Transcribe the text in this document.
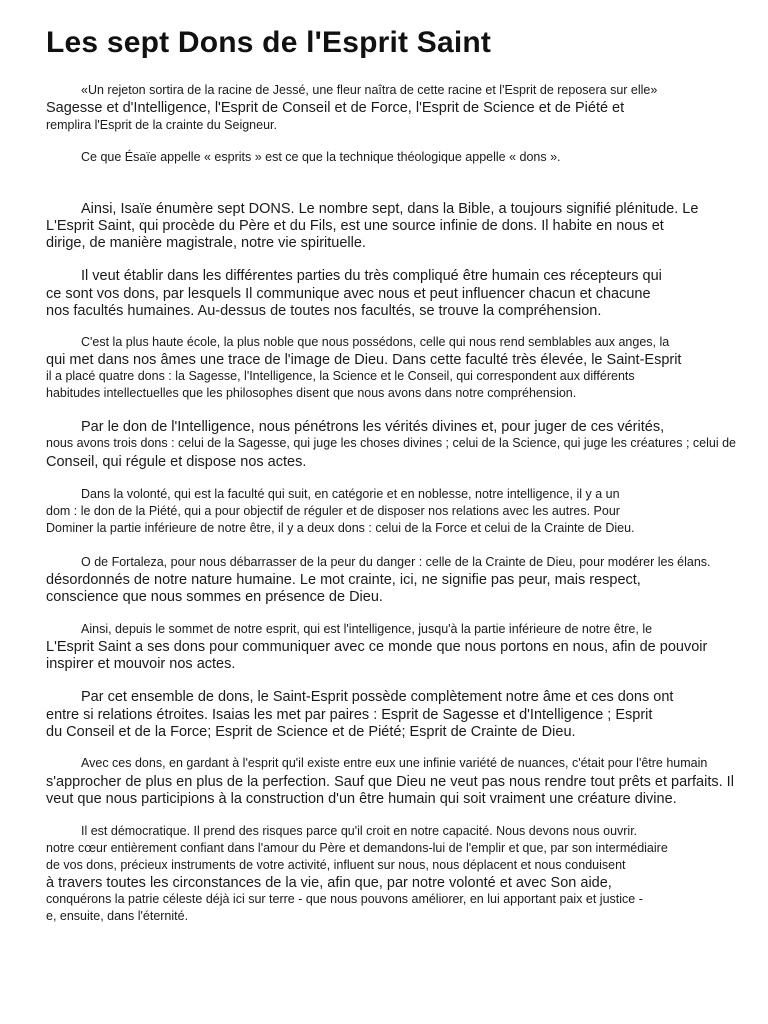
Les sept Dons de l'Esprit Saint
«Un rejeton sortira de la racine de Jessé, une fleur naîtra de cette racine et l'Esprit de reposera sur elle»
Sagesse et d'Intelligence, l'Esprit de Conseil et de Force, l'Esprit de Science et de Piété et
remplira l'Esprit de la crainte du Seigneur.
Ce que Ésaïe appelle « esprits » est ce que la technique théologique appelle « dons ».
Ainsi, Isaïe énumère sept DONS. Le nombre sept, dans la Bible, a toujours signifié plénitude. Le
L'Esprit Saint, qui procède du Père et du Fils, est une source infinie de dons. Il habite en nous et
dirige, de manière magistrale, notre vie spirituelle.
Il veut établir dans les différentes parties du très compliqué être humain ces récepteurs qui
ce sont vos dons, par lesquels Il communique avec nous et peut influencer chacun et chacune
nos facultés humaines. Au-dessus de toutes nos facultés, se trouve la compréhension.
C'est la plus haute école, la plus noble que nous possédons, celle qui nous rend semblables aux anges, la
qui met dans nos âmes une trace de l'image de Dieu. Dans cette faculté très élevée, le Saint-Esprit
il a placé quatre dons : la Sagesse, l'Intelligence, la Science et le Conseil, qui correspondent aux différents
habitudes intellectuelles que les philosophes disent que nous avons dans notre compréhension.
Par le don de l'Intelligence, nous pénétrons les vérités divines et, pour juger de ces vérités,
nous avons trois dons : celui de la Sagesse, qui juge les choses divines ; celui de la Science, qui juge les créatures ; celui de
Conseil, qui régule et dispose nos actes.
Dans la volonté, qui est la faculté qui suit, en catégorie et en noblesse, notre intelligence, il y a un
dom : le don de la Piété, qui a pour objectif de réguler et de disposer nos relations avec les autres. Pour
Dominer la partie inférieure de notre être, il y a deux dons : celui de la Force et celui de la Crainte de Dieu.
O de Fortaleza, pour nous débarrasser de la peur du danger : celle de la Crainte de Dieu, pour modérer les élans.
désordonnés de notre nature humaine. Le mot crainte, ici, ne signifie pas peur, mais respect,
conscience que nous sommes en présence de Dieu.
Ainsi, depuis le sommet de notre esprit, qui est l'intelligence, jusqu'à la partie inférieure de notre être, le
L'Esprit Saint a ses dons pour communiquer avec ce monde que nous portons en nous, afin de pouvoir
inspirer et mouvoir nos actes.
Par cet ensemble de dons, le Saint-Esprit possède complètement notre âme et ces dons ont
entre si relations étroites. Isaias les met par paires : Esprit de Sagesse et d'Intelligence ; Esprit
du Conseil et de la Force; Esprit de Science et de Piété; Esprit de Crainte de Dieu.
Avec ces dons, en gardant à l'esprit qu'il existe entre eux une infinie variété de nuances, c'était pour l'être humain
s'approcher de plus en plus de la perfection. Sauf que Dieu ne veut pas nous rendre tout prêts et parfaits. Il
veut que nous participions à la construction d'un être humain qui soit vraiment une créature divine.
Il est démocratique. Il prend des risques parce qu'il croit en notre capacité. Nous devons nous ouvrir.
notre cœur entièrement confiant dans l'amour du Père et demandons-lui de l'emplir et que, par son intermédiaire
de vos dons, précieux instruments de votre activité, influent sur nous, nous déplacent et nous conduisent
à travers toutes les circonstances de la vie, afin que, par notre volonté et avec Son aide,
conquérons la patrie céleste déjà ici sur terre - que nous pouvons améliorer, en lui apportant paix et justice -
e, ensuite, dans l'éternité.
